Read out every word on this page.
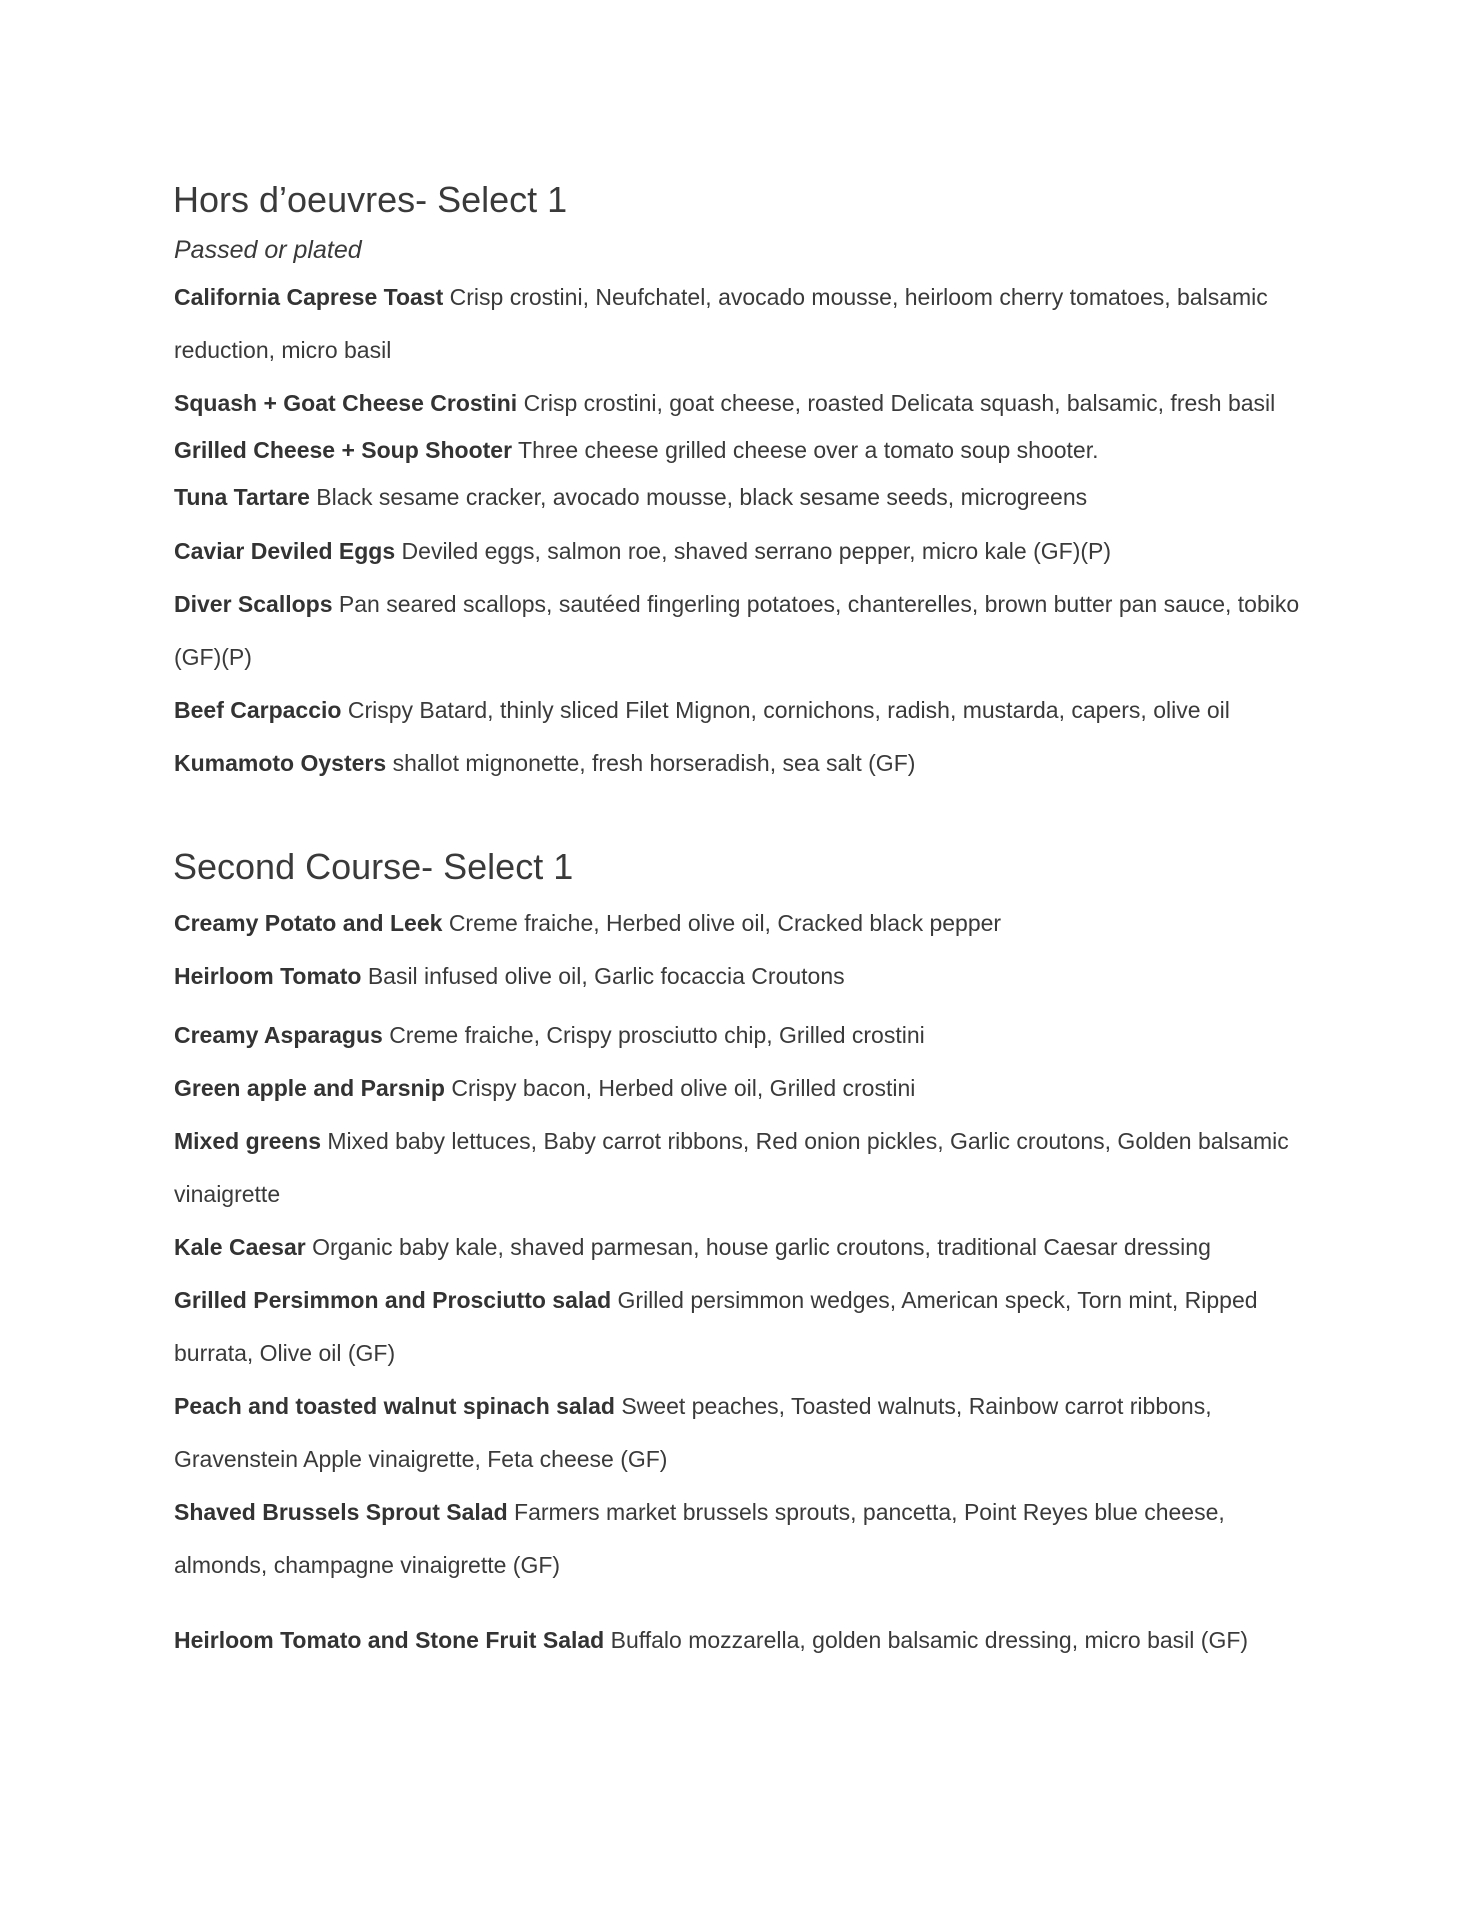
Hors d’oeuvres- Select 1

Passed or plated

California Caprese Toast Crisp crostini, Neufchatel, avocado mousse, heirloom cherry tomatoes, balsamic reduction, micro basil

Squash + Goat Cheese Crostini Crisp crostini, goat cheese, roasted Delicata squash, balsamic, fresh basil

Grilled Cheese + Soup Shooter Three cheese grilled cheese over a tomato soup shooter.

Tuna Tartare Black sesame cracker, avocado mousse, black sesame seeds, microgreens

Caviar Deviled Eggs Deviled eggs, salmon roe, shaved serrano pepper, micro kale (GF)(P)

Diver Scallops Pan seared scallops, sautéed fingerling potatoes, chanterelles, brown butter pan sauce, tobiko (GF)(P)

Beef Carpaccio Crispy Batard, thinly sliced Filet Mignon, cornichons, radish, mustarda, capers, olive oil

Kumamoto Oysters shallot mignonette, fresh horseradish, sea salt (GF)

Second Course- Select 1

Creamy Potato and Leek Creme fraiche, Herbed olive oil, Cracked black pepper

Heirloom Tomato Basil infused olive oil, Garlic focaccia Croutons

Creamy Asparagus Creme fraiche, Crispy prosciutto chip, Grilled crostini

Green apple and Parsnip Crispy bacon, Herbed olive oil, Grilled crostini

Mixed greens Mixed baby lettuces, Baby carrot ribbons, Red onion pickles, Garlic croutons, Golden balsamic vinaigrette

Kale Caesar Organic baby kale, shaved parmesan, house garlic croutons, traditional Caesar dressing

Grilled Persimmon and Prosciutto salad Grilled persimmon wedges, American speck, Torn mint, Ripped burrata, Olive oil (GF)

Peach and toasted walnut spinach salad Sweet peaches, Toasted walnuts, Rainbow carrot ribbons, Gravenstein Apple vinaigrette, Feta cheese (GF)

Shaved Brussels Sprout Salad Farmers market brussels sprouts, pancetta, Point Reyes blue cheese, almonds, champagne vinaigrette (GF)

Heirloom Tomato and Stone Fruit Salad Buffalo mozzarella, golden balsamic dressing, micro basil (GF)
